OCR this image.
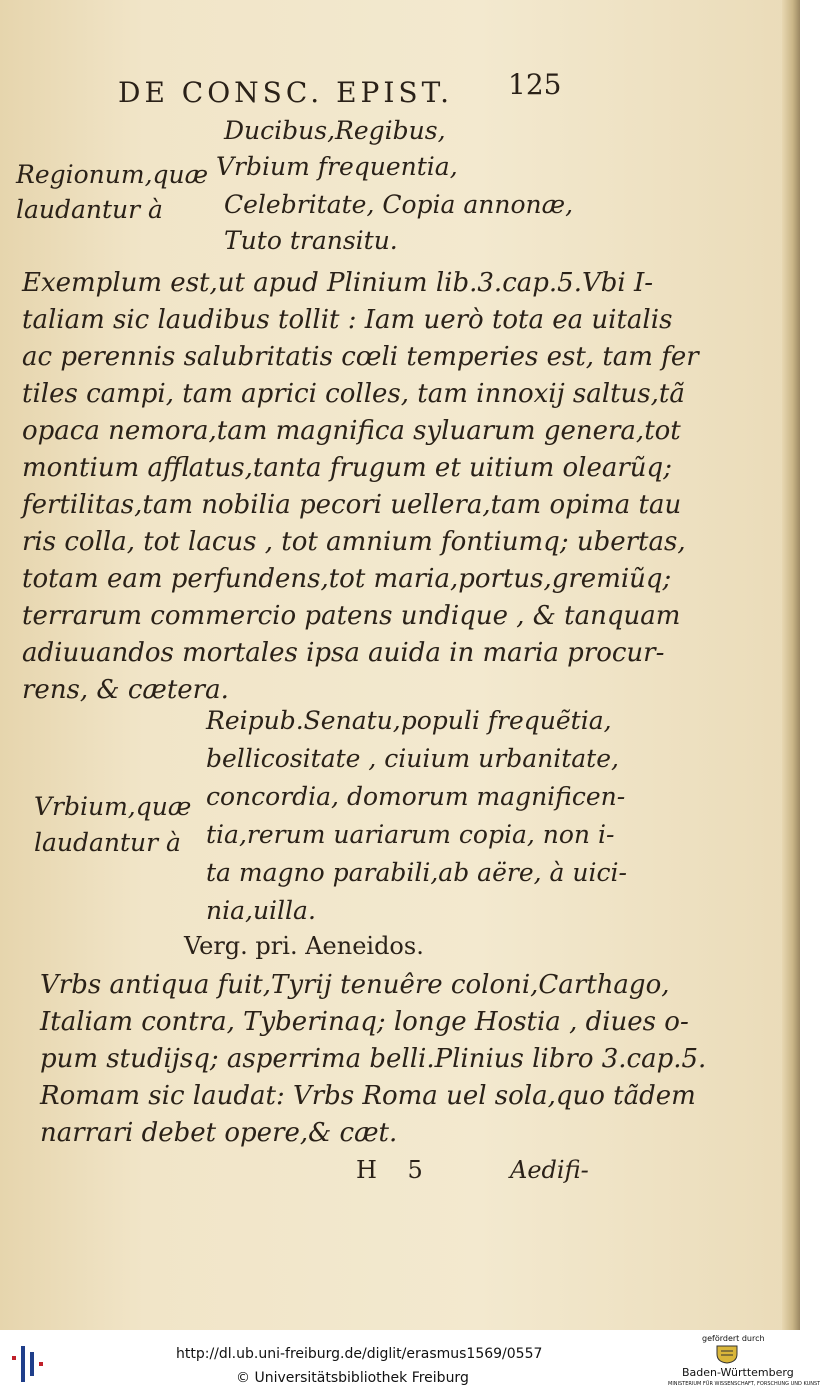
DE CONSC. EPIST. 125
Regionum,quæ
laudantur à
Ducibus,Regibus,
Vrbium frequentia,
Celebritate, Copia annonæ,
Tuto transitu.
Exemplum est,ut apud Plinium lib.3.cap.5.Vbi I-
taliam sic laudibus tollit : Iam uerò tota ea uitalis
ac perennis salubritatis cœli temperies est, tam fer
tiles campi, tam aprici colles, tam innoxij saltus,tã
opaca nemora,tam magnifica syluarum genera,tot
montium afflatus,tanta frugum et uitium olearũq;
fertilitas,tam nobilia pecori uellera,tam opima tau
ris colla, tot lacus , tot amnium fontiumq; ubertas,
totam eam perfundens,tot maria,portus,gremiũq;
terrarum commercio patens undique , & tanquam
adiuuandos mortales ipsa auida in maria procur-
rens, & cætera.
Vrbium,quæ
laudantur à
Reipub.Senatu,populi frequẽtia,
bellicositate , ciuium urbanitate,
concordia, domorum magnificen-
tia,rerum uariarum copia, non i-
ta magno parabili,ab aëre, à uici-
nia,uilla.
Verg. pri. Aeneidos.
Vrbs antiqua fuit,Tyrij tenuêre coloni,Carthago,
Italiam contra, Tyberinaq; longe Hostia , diues o-
pum studijsq; asperrima belli.Plinius libro 3.cap.5.
Romam sic laudat: Vrbs Roma uel sola,quo tãdem
narrari debet opere,& cæt.
H    5	Aedifi-
http://dl.ub.uni-freiburg.de/diglit/erasmus1569/0557
© Universitätsbibliothek Freiburg
gefördert durch
Baden-Württemberg
MINISTERIUM FÜR WISSENSCHAFT, FORSCHUNG UND KUNST
